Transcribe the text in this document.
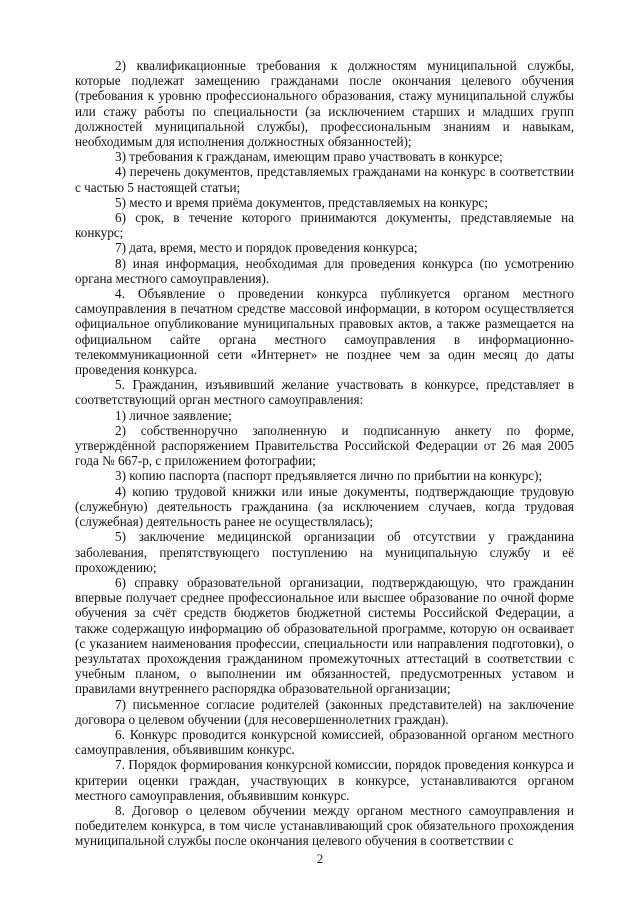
2) квалификационные требования к должностям муниципальной службы, которые подлежат замещению гражданами после окончания целевого обучения (требования к уровню профессионального образования, стажу муниципальной службы или стажу работы по специальности (за исключением старших и младших групп должностей муниципальной службы), профессиональным знаниям и навыкам, необходимым для исполнения должностных обязанностей);

3) требования к гражданам, имеющим право участвовать в конкурсе;

4) перечень документов, представляемых гражданами на конкурс в соответствии с частью 5 настоящей статьи;

5) место и время приёма документов, представляемых на конкурс;

6) срок, в течение которого принимаются документы, представляемые на конкурс;

7) дата, время, место и порядок проведения конкурса;

8) иная информация, необходимая для проведения конкурса (по усмотрению органа местного самоуправления).

4. Объявление о проведении конкурса публикуется органом местного самоуправления в печатном средстве массовой информации, в котором осуществляется официальное опубликование муниципальных правовых актов, а также размещается на официальном сайте органа местного самоуправления в информационно-телекоммуникационной сети «Интернет» не позднее чем за один месяц до даты проведения конкурса.

5. Гражданин, изъявивший желание участвовать в конкурсе, представляет в соответствующий орган местного самоуправления:

1) личное заявление;

2) собственноручно заполненную и подписанную анкету по форме, утверждённой распоряжением Правительства Российской Федерации от 26 мая 2005 года № 667-р, с приложением фотографии;

3) копию паспорта (паспорт предъявляется лично по прибытии на конкурс);

4) копию трудовой книжки или иные документы, подтверждающие трудовую (служебную) деятельность гражданина (за исключением случаев, когда трудовая (служебная) деятельность ранее не осуществлялась);

5) заключение медицинской организации об отсутствии у гражданина заболевания, препятствующего поступлению на муниципальную службу и её прохождению;

6) справку образовательной организации, подтверждающую, что гражданин впервые получает среднее профессиональное или высшее образование по очной форме обучения за счёт средств бюджетов бюджетной системы Российской Федерации, а также содержащую информацию об образовательной программе, которую он осваивает (с указанием наименования профессии, специальности или направления подготовки), о результатах прохождения гражданином промежуточных аттестаций в соответствии с учебным планом, о выполнении им обязанностей, предусмотренных уставом и правилами внутреннего распорядка образовательной организации;

7) письменное согласие родителей (законных представителей) на заключение договора о целевом обучении (для несовершеннолетних граждан).

6. Конкурс проводится конкурсной комиссией, образованной органом местного самоуправления, объявившим конкурс.

7. Порядок формирования конкурсной комиссии, порядок проведения конкурса и критерии оценки граждан, участвующих в конкурсе, устанавливаются органом местного самоуправления, объявившим конкурс.

8. Договор о целевом обучении между органом местного самоуправления и победителем конкурса, в том числе устанавливающий срок обязательного прохождения муниципальной службы после окончания целевого обучения в соответствии с

2
